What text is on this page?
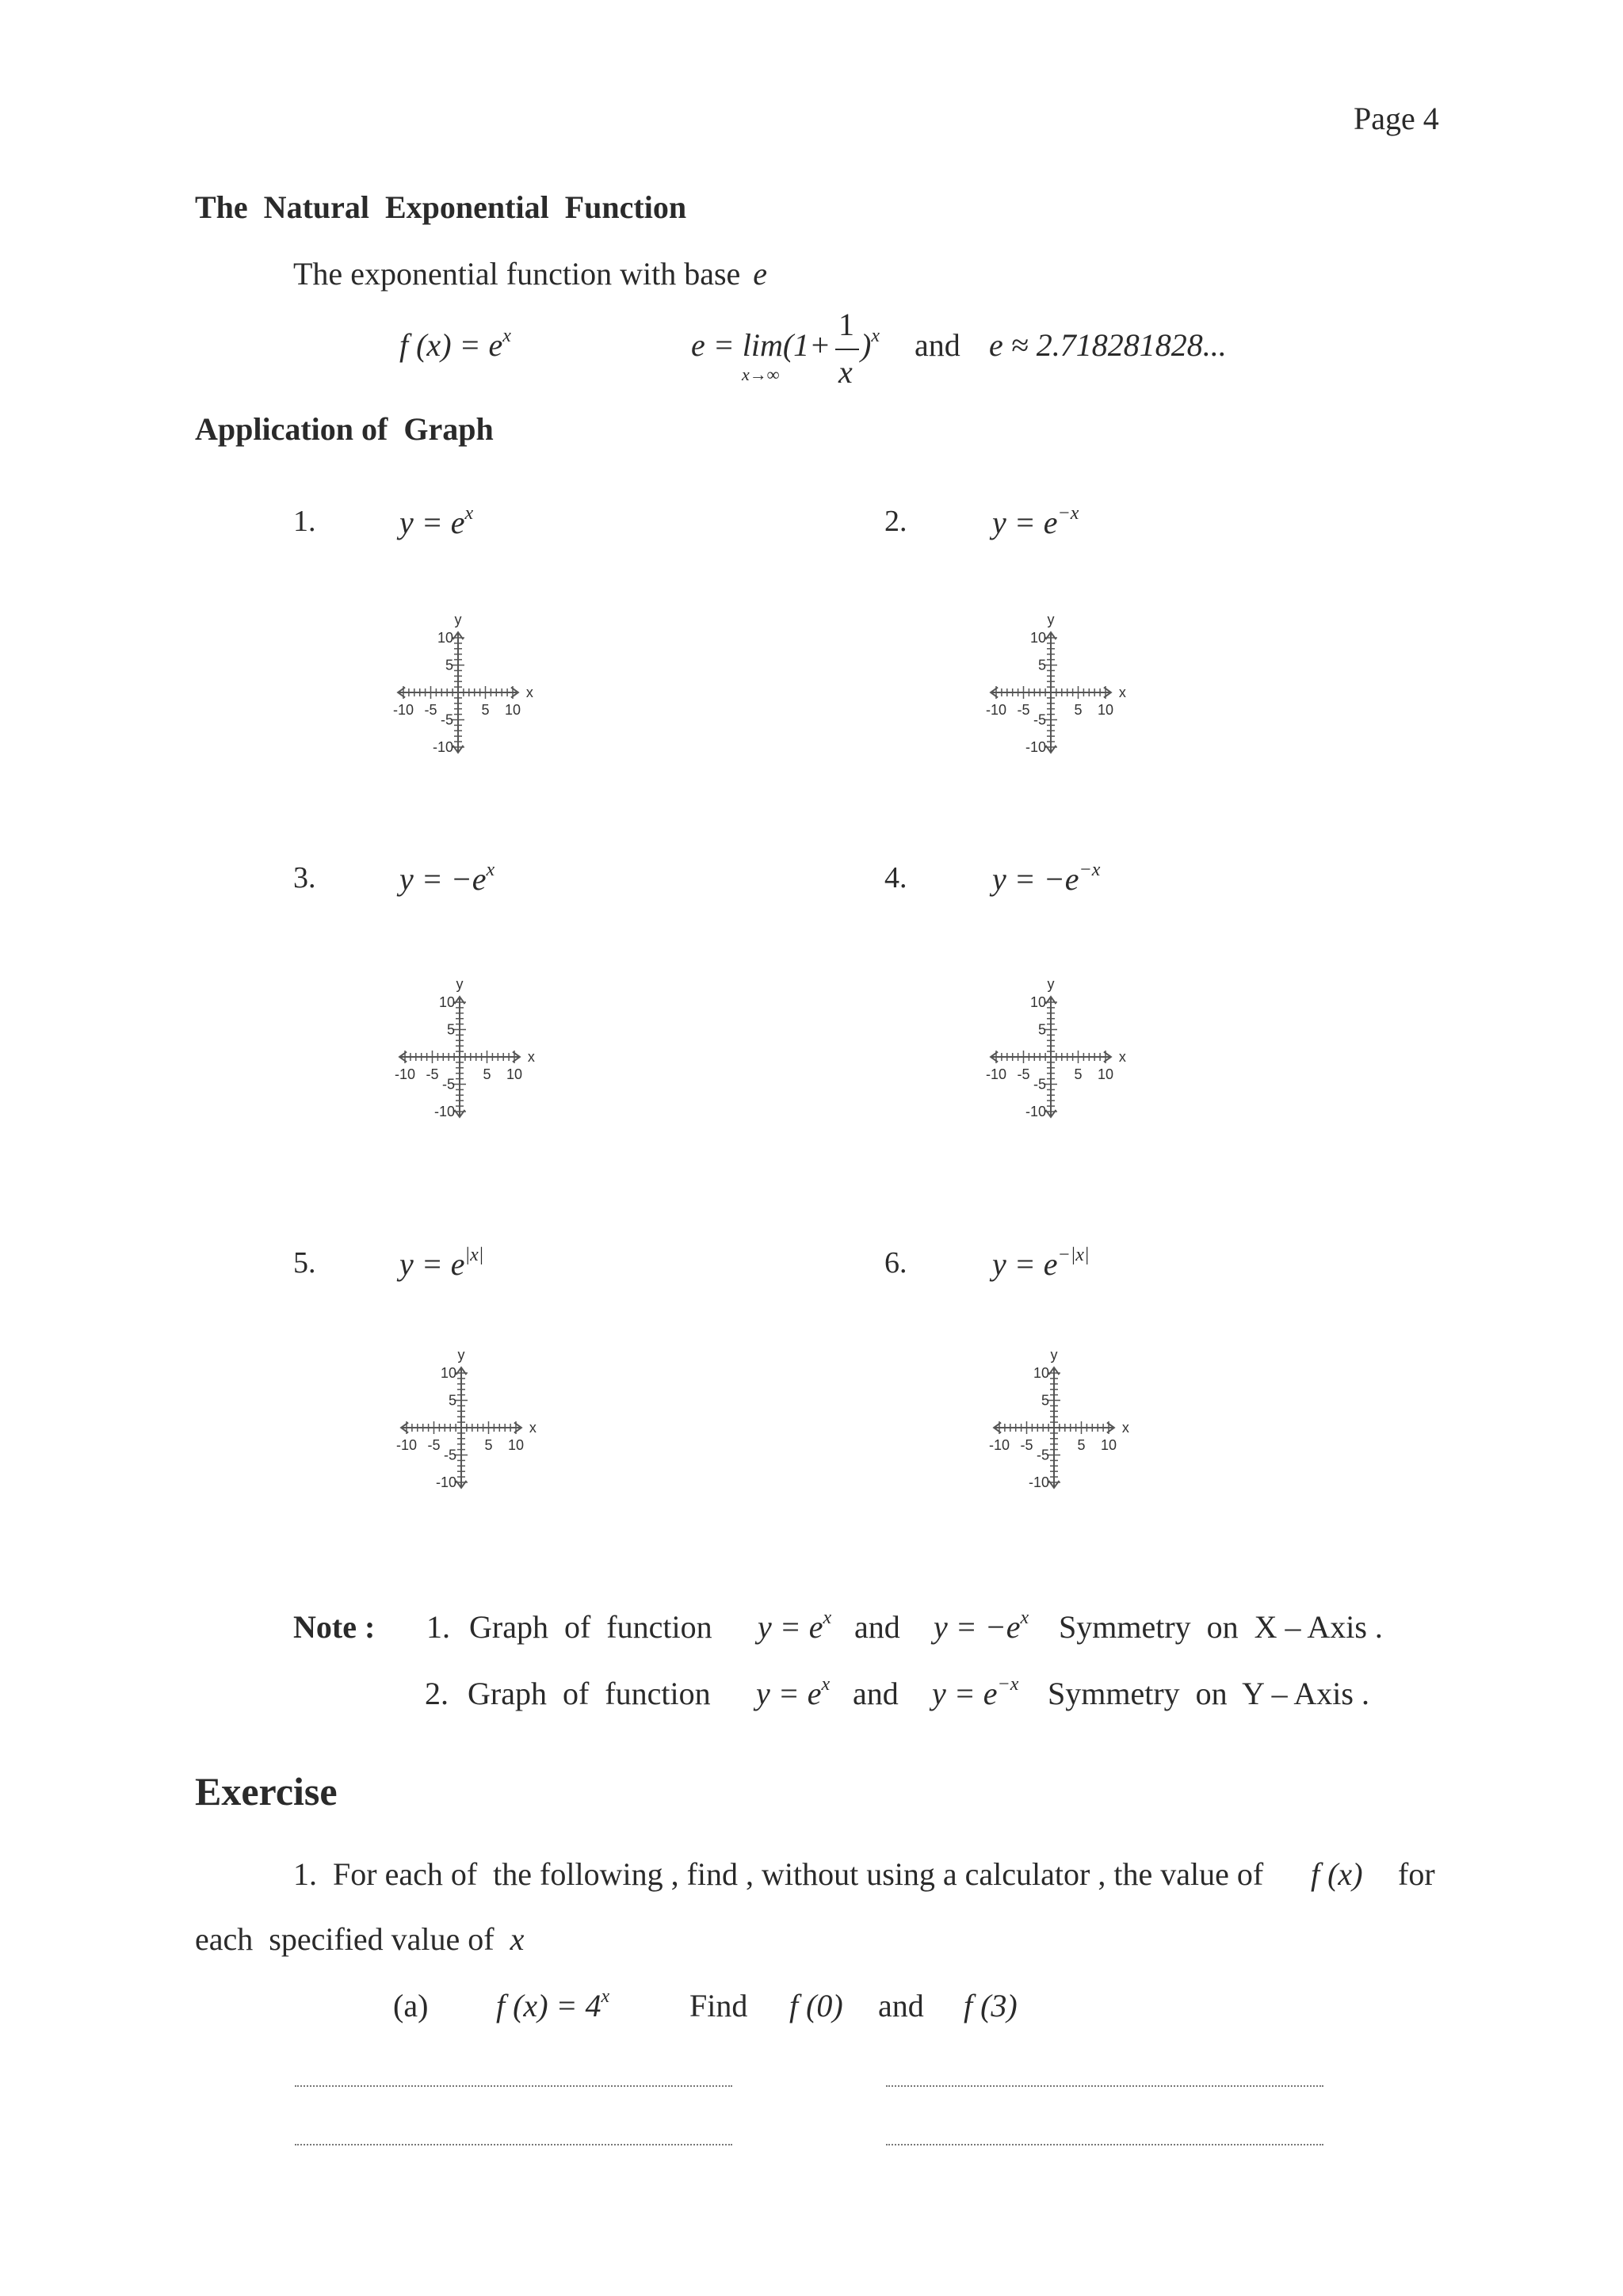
Page 4
The  Natural  Exponential  Function
The exponential function with base e
f $(x) = e^x$	e = lim(1+
x→∞
1
x
)$^x$ and e ≈ 2.718281828...
Application of  Graph
1.	$y = e^x$	2.	$y = e^{-x}$
3.	$y = -e^x$	4.	$y = -e^{-x}$
5.	$y = e^{|x|}$	6.	$y = e^{-|x|}$
-10 -5	5 10
10
5
-5
-10
x
y
-10 -5	5 10
10
5
-5
-10
x
y
-10 -5	5 10
10
5
-5
-10
x
y
-10 -5	5 10
10
5
-5
-10
x
y
-10 -5	5 10
10
5
-5
-10
x
y
-10 -5	5 10
10
5
-5
-10
x
y
Note : 1. Graph  of  function $y = e^x$ and $y = -e^x$ Symmetry  on  X – Axis .
2. Graph  of  function $y = e^x$ and $y = e^{-x}$ Symmetry  on  Y – Axis .
Exercise
1.  For each of  the following , find , without using a calculator , the value of f (x) for
each  specified value of x
(a) f $(x) = 4^x$	Find f (0) and f (3)
